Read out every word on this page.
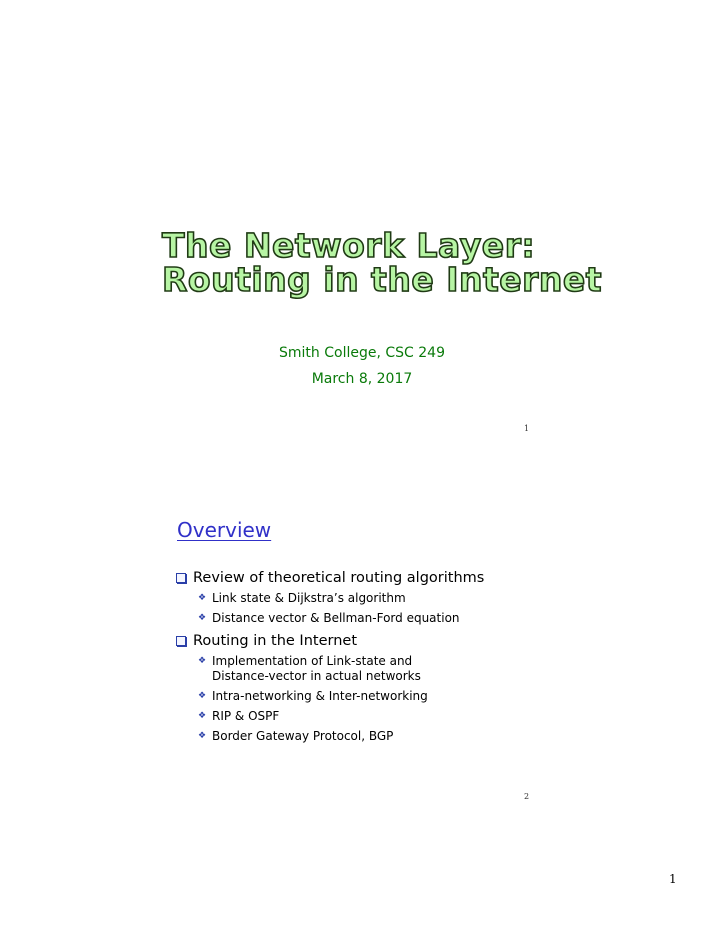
The Network Layer:
Routing in the Internet
Smith College, CSC 249
March 8, 2017
1
Overview
Review of theoretical routing algorithms
❖ Link state & Dijkstra’s algorithm
❖ Distance vector & Bellman-Ford equation
Routing in the Internet
❖ Implementation of Link-state and Distance-vector in actual networks
❖ Intra-networking & Inter-networking
❖ RIP & OSPF
❖ Border Gateway Protocol, BGP
2
1
